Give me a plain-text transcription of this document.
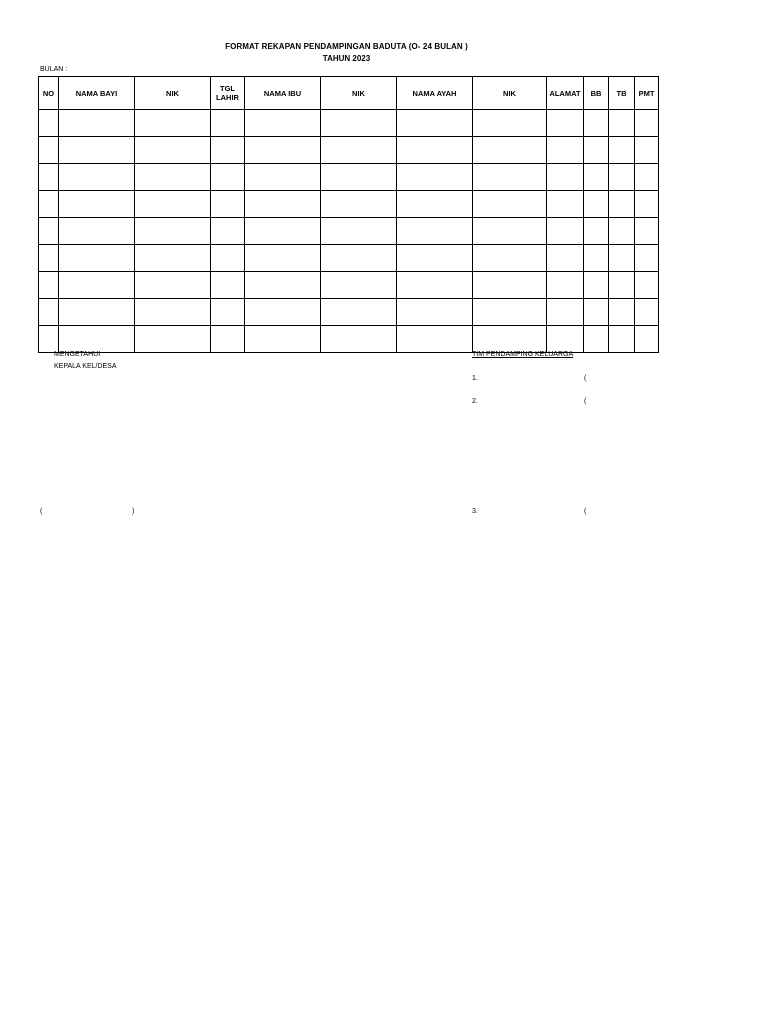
FORMAT REKAPAN PENDAMPINGAN BADUTA (O- 24 BULAN )
TAHUN 2023
BULAN :
NO	NAMA BAYI	NIK	TGL LAHIR	NAMA IBU	NIK	NAMA AYAH	NIK	ALAMAT	BB	TB	PMT

MENGETAHUI
KEPALA KEL/DESA
(	)
TIM PENDAMPING KELUARGA
1.	(
2.	(
3.	(
